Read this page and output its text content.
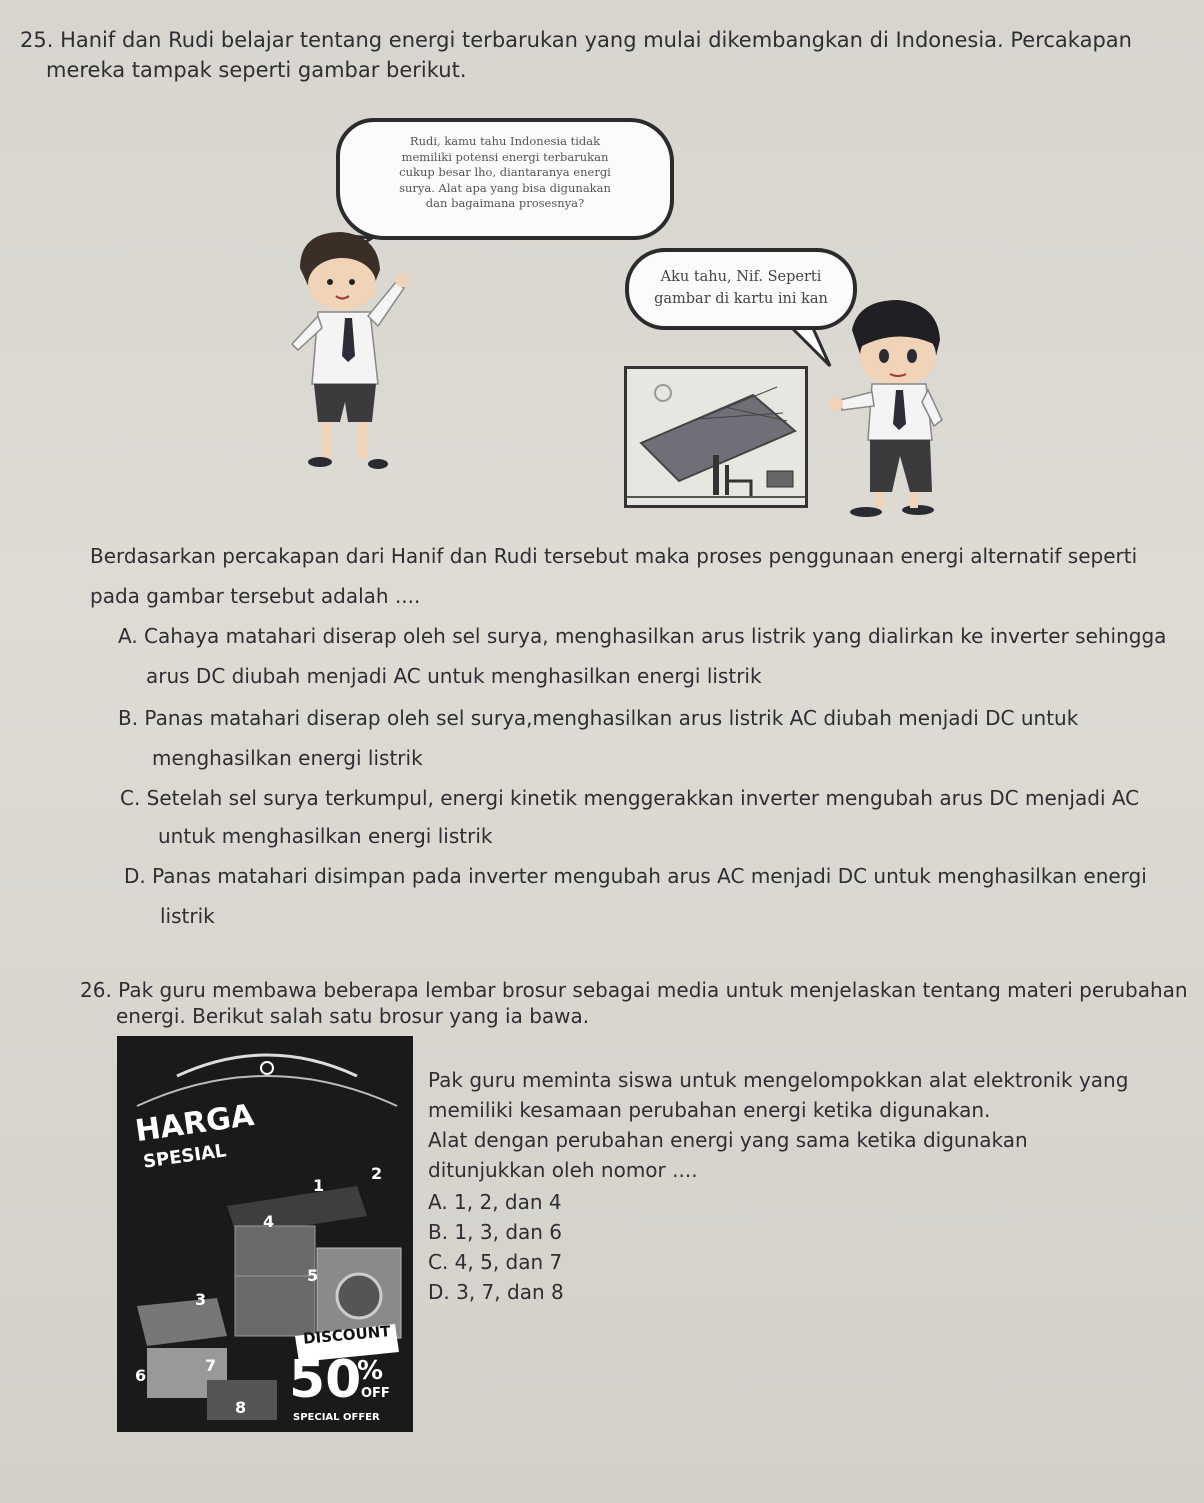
25. Hanif dan Rudi belajar tentang energi terbarukan yang mulai dikembangkan di Indonesia. Percakapan
mereka tampak seperti gambar berikut.
Rudi, kamu tahu Indonesia tidak
memiliki potensi energi terbarukan
cukup besar lho, diantaranya energi
surya. Alat apa yang bisa digunakan
dan bagaimana prosesnya?
Aku tahu, Nif. Seperti
gambar di kartu ini kan
Berdasarkan percakapan dari Hanif dan Rudi tersebut maka proses penggunaan energi alternatif seperti
pada gambar tersebut adalah ....
A. Cahaya matahari diserap oleh sel surya, menghasilkan arus listrik yang dialirkan ke inverter sehingga
arus DC diubah menjadi AC untuk menghasilkan energi listrik
B. Panas matahari diserap oleh sel surya,menghasilkan arus listrik AC diubah menjadi DC untuk
menghasilkan energi listrik
C. Setelah sel surya terkumpul, energi kinetik menggerakkan inverter mengubah arus DC menjadi AC
untuk menghasilkan energi listrik
D. Panas matahari disimpan pada inverter mengubah arus AC menjadi DC untuk menghasilkan energi
listrik
26. Pak guru membawa beberapa lembar brosur sebagai media untuk menjelaskan tentang materi perubahan
energi. Berikut salah satu brosur yang ia bawa.
HARGA
SPESIAL
DISCOUNT
50
%
OFF
SPECIAL OFFER
1
2
3
4
5
6
7
8
Pak guru meminta siswa untuk mengelompokkan alat elektronik yang
memiliki kesamaan perubahan energi ketika digunakan.
Alat dengan perubahan energi yang sama ketika digunakan
ditunjukkan oleh nomor ....
A. 1, 2, dan 4
B. 1, 3, dan 6
C. 4, 5, dan 7
D. 3, 7, dan 8
